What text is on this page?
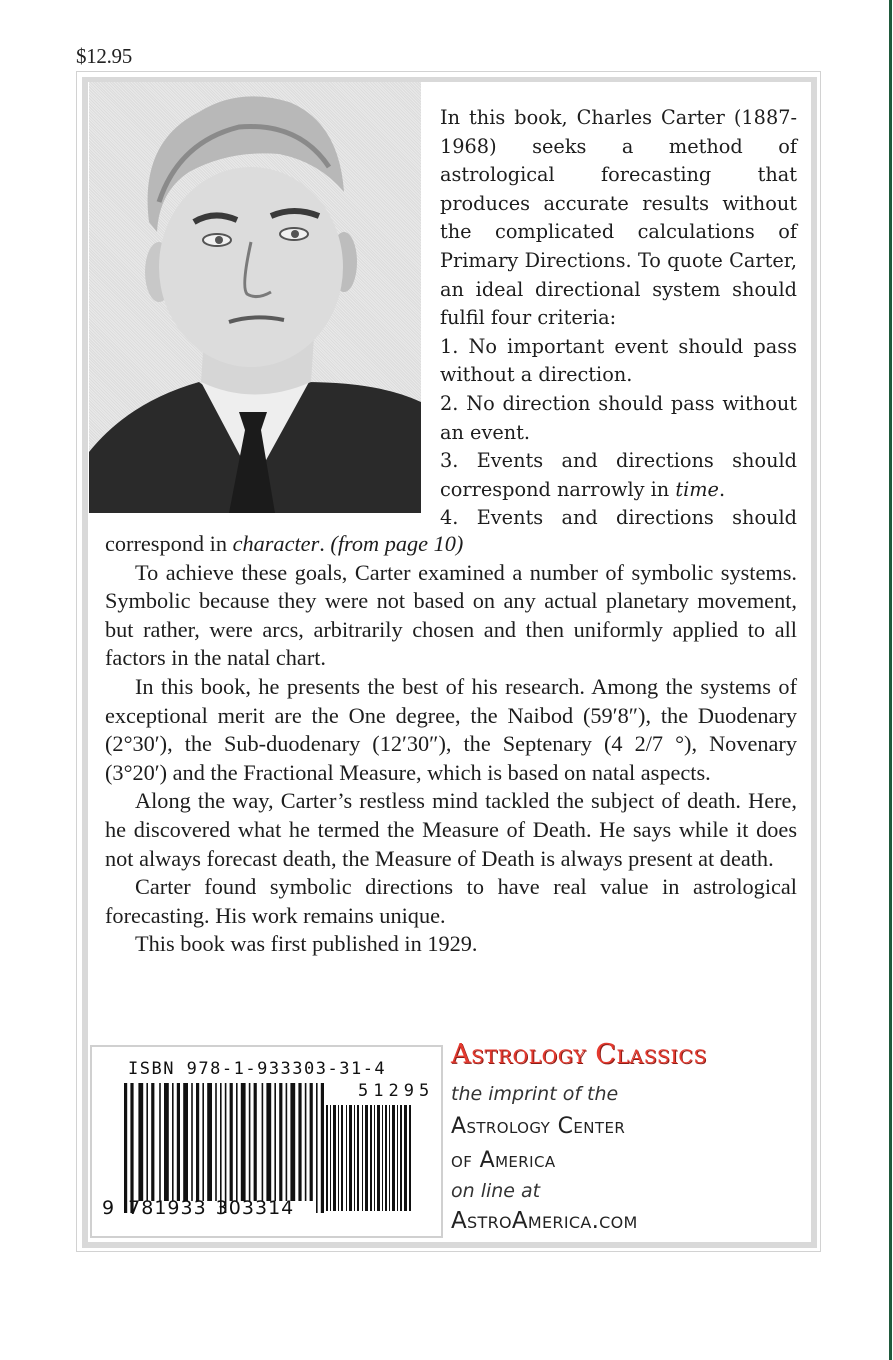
$12.95

In this book, Charles Carter (1887-1968) seeks a method of astrological forecasting that produces accurate results without the complicated calculations of Primary Directions. To quote Carter, an ideal directional system should fulfil four criteria:

1. No important event should pass without a direction.

2. No direction should pass without an event.

3. Events and directions should correspond narrowly in time.

4. Events and directions should

correspond in character. (from page 10)

To achieve these goals, Carter examined a number of symbolic systems. Symbolic because they were not based on any actual planetary movement, but rather, were arcs, arbitrarily chosen and then uniformly applied to all factors in the natal chart.

In this book, he presents the best of his research. Among the systems of exceptional merit are the One degree, the Naibod (59′8″), the Duodenary (2°30′), the Sub-duodenary (12′30″), the Septenary (4 2/7 °), Novenary (3°20′) and the Fractional Measure, which is based on natal aspects.

Along the way, Carter’s restless mind tackled the subject of death. Here, he discovered what he termed the Measure of Death. He says while it does not always forecast death, the Measure of Death is always present at death.

Carter found symbolic directions to have real value in astrological forecasting. His work remains unique.

This book was first published in 1929.

ISBN 978-1-933303-31-4
51295
9 781933 303314
Astrology Classics
the imprint of the
Astrology Center
of America
on line at
AstroAmerica.com
